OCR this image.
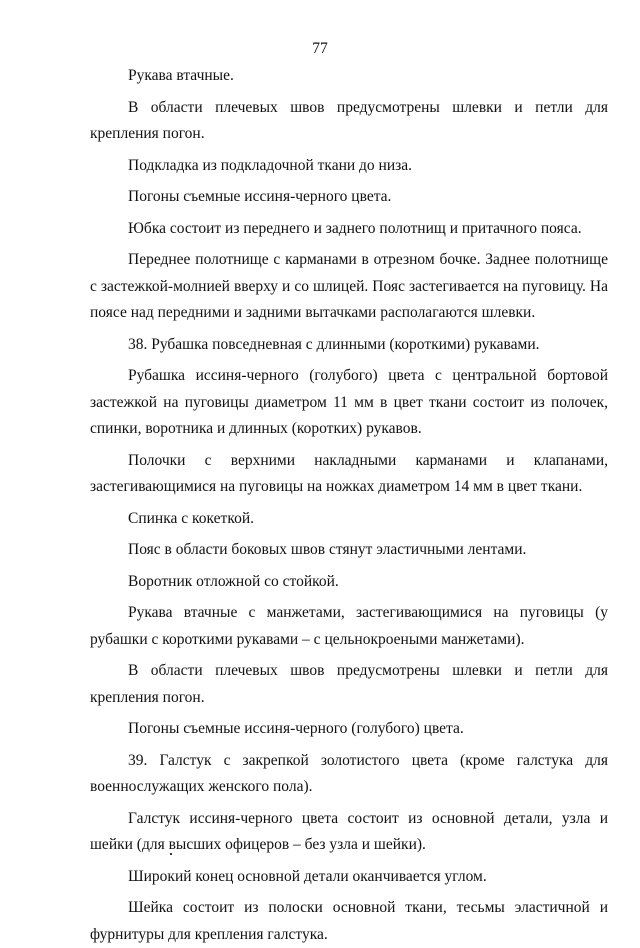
77

Рукава втачные.

В области плечевых швов предусмотрены шлевки и петли для крепления погон.

Подкладка из подкладочной ткани до низа.

Погоны съемные иссиня-черного цвета.

Юбка состоит из переднего и заднего полотнищ и притачного пояса.

Переднее полотнище с карманами в отрезном бочке. Заднее полотнище с застежкой-молнией вверху и со шлицей. Пояс застегивается на пуговицу. На поясе над передними и задними вытачками располагаются шлевки.

38. Рубашка повседневная с длинными (короткими) рукавами.

Рубашка иссиня-черного (голубого) цвета с центральной бортовой застежкой на пуговицы диаметром 11 мм в цвет ткани состоит из полочек, спинки, воротника и длинных (коротких) рукавов.

Полочки с верхними накладными карманами и клапанами, застегивающимися на пуговицы на ножках диаметром 14 мм в цвет ткани.

Спинка с кокеткой.

Пояс в области боковых швов стянут эластичными лентами.

Воротник отложной со стойкой.

Рукава втачные с манжетами, застегивающимися на пуговицы (у рубашки с короткими рукавами – с цельнокроеными манжетами).

В области плечевых швов предусмотрены шлевки и петли для крепления погон.

Погоны съемные иссиня-черного (голубого) цвета.

39. Галстук с закрепкой золотистого цвета (кроме галстука для военнослужащих женского пола).

Галстук иссиня-черного цвета состоит из основной детали, узла и шейки (для высших офицеров – без узла и шейки).

Широкий конец основной детали оканчивается углом.

Шейка состоит из полоски основной ткани, тесьмы эластичной и фурнитуры для крепления галстука.
